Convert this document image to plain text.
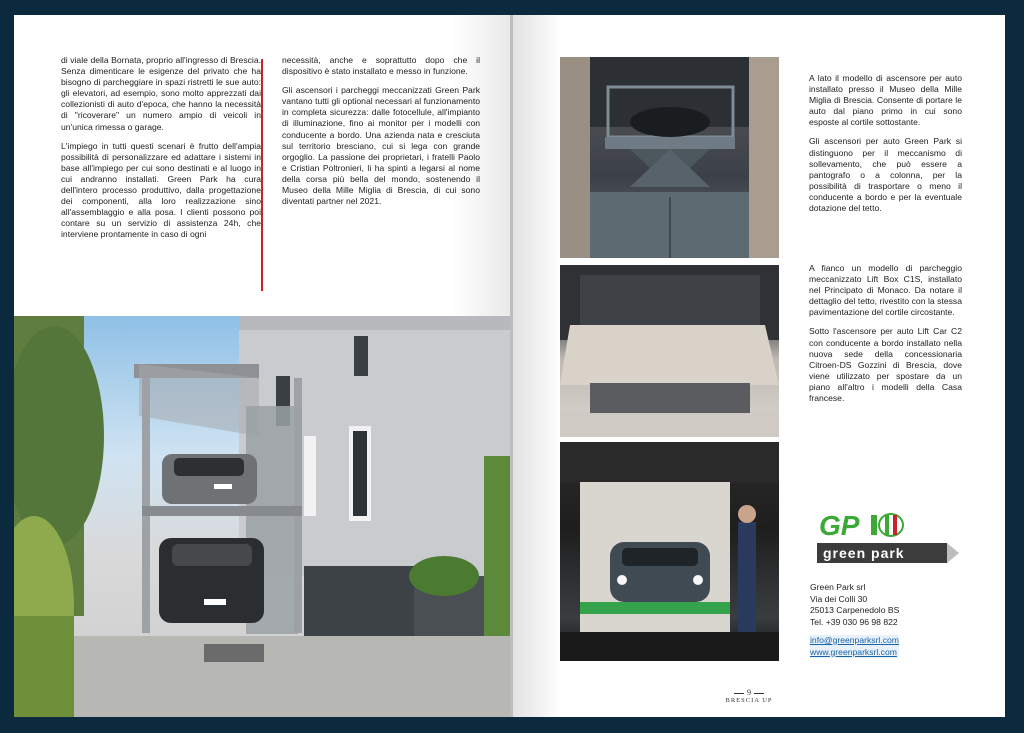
di viale della Bornata, proprio all'ingresso di Brescia. Senza dimenticare le esigenze del privato che ha bisogno di parcheggiare in spazi ristretti le sue auto: gli elevatori, ad esempio, sono molto apprezzati dai collezionisti di auto d'epoca, che hanno la necessità di "ricoverare" un numero ampio di veicoli in un'unica rimessa o garage.

L'impiego in tutti questi scenari è frutto dell'ampia possibilità di personalizzare ed adattare i sistemi in base all'impiego per cui sono destinati e al luogo in cui andranno installati. Green Park ha cura dell'intero processo produttivo, dalla progettazione dei componenti, alla loro realizzazione sino all'assemblaggio e alla posa. I clienti possono poi contare su un servizio di assistenza 24h, che interviene prontamente in caso di ogni

necessità, anche e soprattutto dopo che il dispositivo è stato installato e messo in funzione.

Gli ascensori i parcheggi meccanizzati Green Park vantano tutti gli optional necessari al funzionamento in completa sicurezza: dalle fotocellule, all'impianto di illuminazione, fino ai monitor per i modelli con conducente a bordo. Una azienda nata e cresciuta sul territorio bresciano, cui si lega con grande orgoglio. La passione dei proprietari, i fratelli Paolo e Cristian Poltronieri, li ha spinti a legarsi al nome della corsa più bella del mondo, sostenendo il Museo della Mille Miglia di Brescia, di cui sono diventati partner nel 2021.

A lato il modello di ascensore per auto installato presso il Museo della Mille Miglia di Brescia. Consente di portare le auto dal piano primo in cui sono esposte al cortile sottostante.

Gli ascensori per auto Green Park si distinguono per il meccanismo di sollevamento, che può essere a pantografo o a colonna, per la possibilità di trasportare o meno il conducente a bordo e per la eventuale dotazione del tetto.

A fianco un modello di parcheggio meccanizzato Lift Box C1S, installato nel Principato di Monaco. Da notare il dettaglio del tetto, rivestito con la stessa pavimentazione del cortile circostante.

Sotto l'ascensore per auto Lift Car C2 con conducente a bordo installato nella nuova sede della concessionaria Citroen-DS Gozzini di Brescia, dove viene utilizzato per spostare da un piano all'altro i modelli della Casa francese.

GP
green park
Green Park srl
Via dei Colli 30
25013 Carpenedolo BS
Tel. +39 030 96 98 822
info@greenparksrl.com
www.greenparksrl.com
9
BRESCIA UP
